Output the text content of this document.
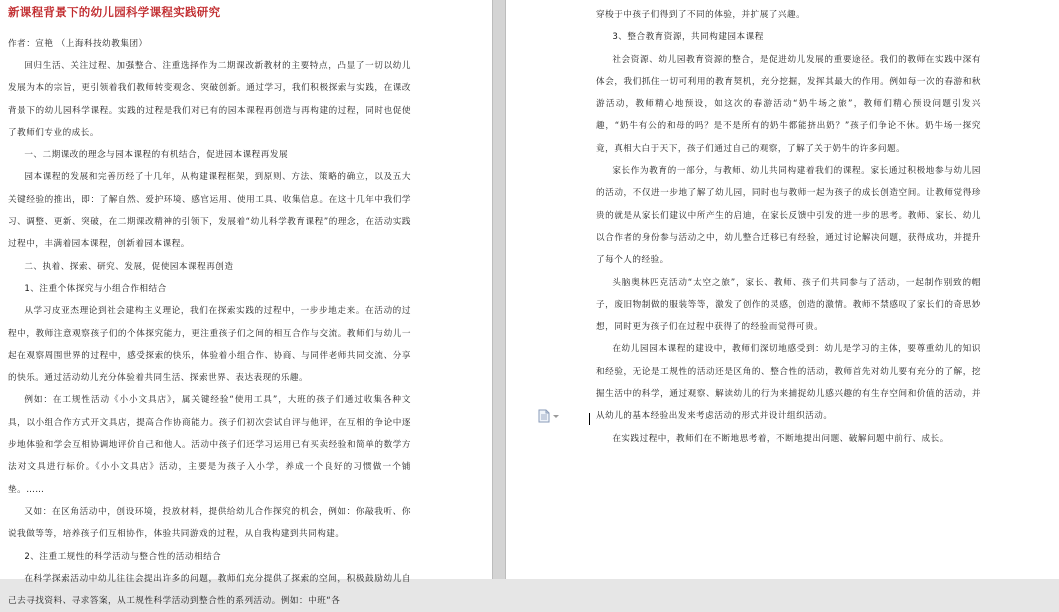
新课程背景下的幼儿园科学课程实践研究
作者：宣艳 （上海科技幼教集团）

回归生活、关注过程、加强整合、注重选择作为二期课改新教材的主要特点，凸显了一切以幼儿发展为本的宗旨，更引领着我们教师转变观念、突破创新。通过学习，我们积极探索与实践，在课改背景下的幼儿园科学课程。实践的过程是我们对已有的园本课程再创造与再构建的过程，同时也促使了教师们专业的成长。

一、二期课改的理念与园本课程的有机结合，促进园本课程再发展

园本课程的发展和完善历经了十几年，从构建课程框架，到原则、方法、策略的确立，以及五大关键经验的推出，即：了解自然、爱护环境、感官运用、使用工具、收集信息。在这十几年中我们学习、调整、更新、突破，在二期课改精神的引领下，发展着“幼儿科学教育课程”的理念，在活动实践过程中，丰满着园本课程，创新着园本课程。

二、执着、探索、研究、发展，促使园本课程再创造

1、注重个体探究与小组合作相结合

从学习皮亚杰理论到社会建构主义理论，我们在探索实践的过程中，一步步地走来。在活动的过程中，教师注意观察孩子们的个体探究能力，更注重孩子们之间的相互合作与交流。教师们与幼儿一起在观察周围世界的过程中，感受探索的快乐，体验着小组合作、协商、与同伴老师共同交流、分享的快乐。通过活动幼儿充分体验着共同生活、探索世界、表达表现的乐趣。

例如：在工规性活动《小小文具店》，属关键经验“使用工具”，大班的孩子们通过收集各种文具，以小组合作方式开文具店，提高合作协商能力。孩子们初次尝试自评与他评，在互相的争论中逐步地体验和学会互相协调地评价自己和他人。活动中孩子们还学习运用已有买卖经验和简单的数学方法对文具进行标价。《小小文具店》活动，主要是为孩子入小学，养成一个良好的习惯做一个铺垫。……

又如：在区角活动中，创设环境，投放材料，提供给幼儿合作探究的机会，例如：你敲我听、你说我做等等，培养孩子们互相协作，体验共同游戏的过程，从自我构建到共同构建。

2、注重工规性的科学活动与整合性的活动相结合

在科学探索活动中幼儿往往会提出许多的问题，教师们充分提供了探索的空间，积极鼓励幼儿自己去寻找资料、寻求答案，从工规性科学活动到整合性的系列活动。例如：中班“各

穿梭于中孩子们得到了不同的体验，并扩展了兴趣。

3、整合教育资源，共同构建园本课程

社会资源、幼儿园教育资源的整合，是促进幼儿发展的重要途径。我们的教师在实践中深有体会，我们抓住一切可利用的教育契机，充分挖掘，发挥其最大的作用。例如每一次的春游和秋游活动，教师精心地预设，如这次的春游活动“奶牛场之旅”，教师们精心预设问题引发兴趣，“奶牛有公的和母的吗？是不是所有的奶牛都能挤出奶？”孩子们争论不休。奶牛场一探究竟，真相大白于天下，孩子们通过自己的观察，了解了关于奶牛的许多问题。

家长作为教育的一部分，与教师、幼儿共同构建着我们的课程。家长通过积极地参与幼儿园的活动，不仅进一步地了解了幼儿园，同时也与教师一起为孩子的成长创造空间。让教师觉得珍贵的就是从家长们建议中所产生的启迪，在家长反馈中引发的进一步的思考。教师、家长、幼儿以合作者的身份参与活动之中，幼儿整合迁移已有经验，通过讨论解决问题，获得成功，并提升了每个人的经验。

头脑奥林匹克活动“太空之旅”，家长、教师、孩子们共同参与了活动，一起制作别致的帽子，废旧物制做的服装等等，激发了创作的灵感，创造的激情。教师不禁感叹了家长们的奇思妙想，同时更为孩子们在过程中获得了的经验而觉得可贵。

在幼儿园园本课程的建设中，教师们深切地感受到：幼儿是学习的主体，要尊重幼儿的知识和经验，无论是工规性的活动还是区角的、整合性的活动，教师首先对幼儿要有充分的了解，挖掘生活中的科学，通过观察、解读幼儿的行为来捕捉幼儿感兴趣的有生存空间和价值的活动，并从幼儿的基本经验出发来考虑活动的形式并设计组织活动。

在实践过程中，教师们在不断地思考着，不断地提出问题、破解问题中前行、成长。
